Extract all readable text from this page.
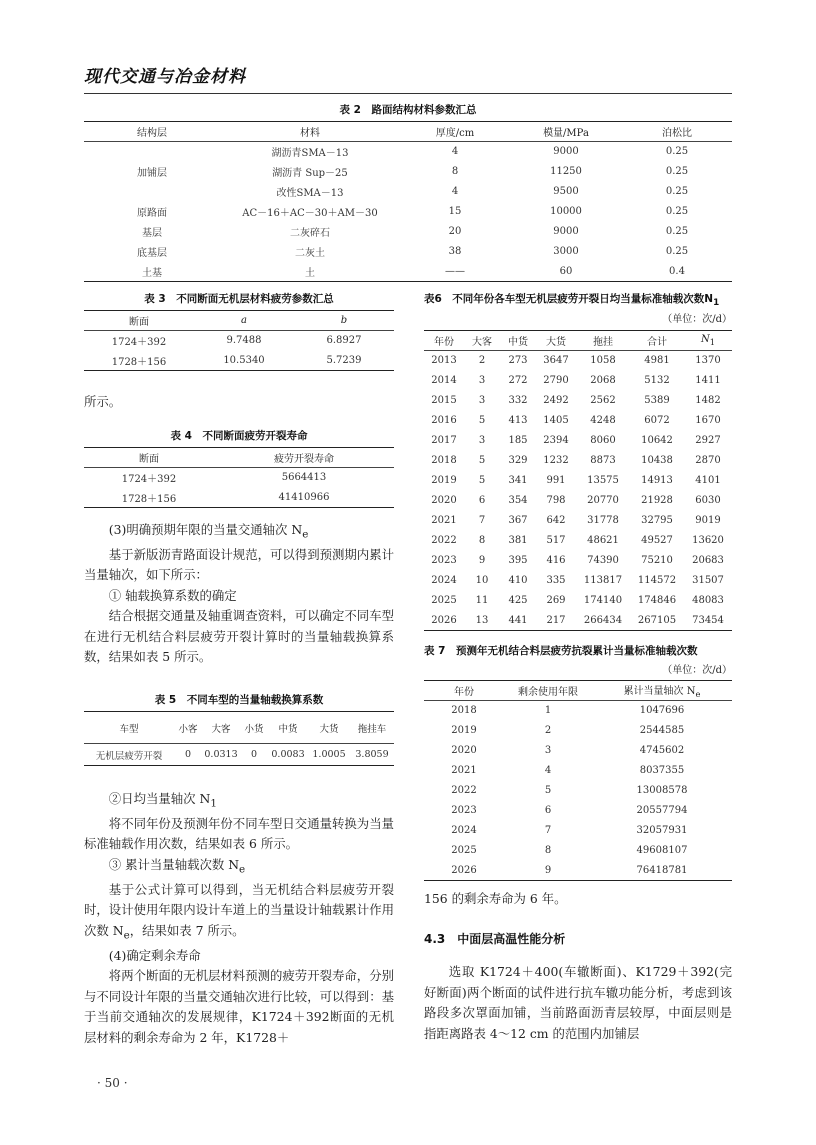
现代交通与冶金材料
表 2　路面结构材料参数汇总
结构层	材料	厚度/cm	模量/MPa	泊松比
加铺层	湖沥青SMA－13	4	9000	0.25
	湖沥青 Sup－25	8	11250	0.25
	改性SMA－13	4	9500	0.25
原路面	AC－16＋AC－30＋AM－30	15	10000	0.25
基层	二灰碎石	20	9000	0.25
底基层	二灰土	38	3000	0.25
土基	土	——	60	0.4
表 3　不同断面无机层材料疲劳参数汇总
断面	a	b
1724＋392	9.7488	6.8927
1728＋156	10.5340	5.7239

所示。

表 4　不同断面疲劳开裂寿命
断面	疲劳开裂寿命
1724＋392	5664413
1728＋156	41410966

(3)明确预期年限的当量交通轴次 $N_e$

基于新版沥青路面设计规范，可以得到预测期内累计当量轴次，如下所示：

① 轴载换算系数的确定

结合根据交通量及轴重调查资料，可以确定不同车型在进行无机结合料层疲劳开裂计算时的当量轴载换算系数，结果如表 5 所示。

表 5　不同车型的当量轴载换算系数
车型	小客	大客	小货	中货	大货	拖挂车
无机层疲劳开裂	0	0.0313	0	0.0083	1.0005	3.8059

②日均当量轴次 $N_1$

将不同年份及预测年份不同车型日交通量转换为当量标准轴载作用次数，结果如表 6 所示。

③ 累计当量轴载次数 $N_e$

基于公式计算可以得到，当无机结合料层疲劳开裂时，设计使用年限内设计车道上的当量设计轴载累计作用次数 $N_e$，结果如表 7 所示。

(4)确定剩余寿命

将两个断面的无机层材料预测的疲劳开裂寿命，分别与不同设计年限的当量交通轴次进行比较，可以得到：基于当前交通轴次的发展规律，K1724＋392断面的无机层材料的剩余寿命为 2 年，K1728＋

表6　不同年份各车型无机层疲劳开裂日均当量标准轴载次数$N_1$
（单位：次/d）
年份	大客	中货	大货	拖挂	合计	$N_1$
2013	2	273	3647	1058	4981	1370
2014	3	272	2790	2068	5132	1411
2015	3	332	2492	2562	5389	1482
2016	5	413	1405	4248	6072	1670
2017	3	185	2394	8060	10642	2927
2018	5	329	1232	8873	10438	2870
2019	5	341	991	13575	14913	4101
2020	6	354	798	20770	21928	6030
2021	7	367	642	31778	32795	9019
2022	8	381	517	48621	49527	13620
2023	9	395	416	74390	75210	20683
2024	10	410	335	113817	114572	31507
2025	11	425	269	174140	174846	48083
2026	13	441	217	266434	267105	73454
表 7　预测年无机结合料层疲劳抗裂累计当量标准轴载次数
（单位：次/d）
年份	剩余使用年限	累计当量轴次 $N_e$
2018	1	1047696
2019	2	2544585
2020	3	4745602
2021	4	8037355
2022	5	13008578
2023	6	20557794
2024	7	32057931
2025	8	49608107
2026	9	76418781

156 的剩余寿命为 6 年。

4.3　中面层高温性能分析

选取 K1724＋400(车辙断面)、K1729＋392(完好断面)两个断面的试件进行抗车辙功能分析，考虑到该路段多次罩面加铺，当前路面沥青层较厚，中面层则是指距离路表 4～12 cm 的范围内加铺层

· 50 ·
